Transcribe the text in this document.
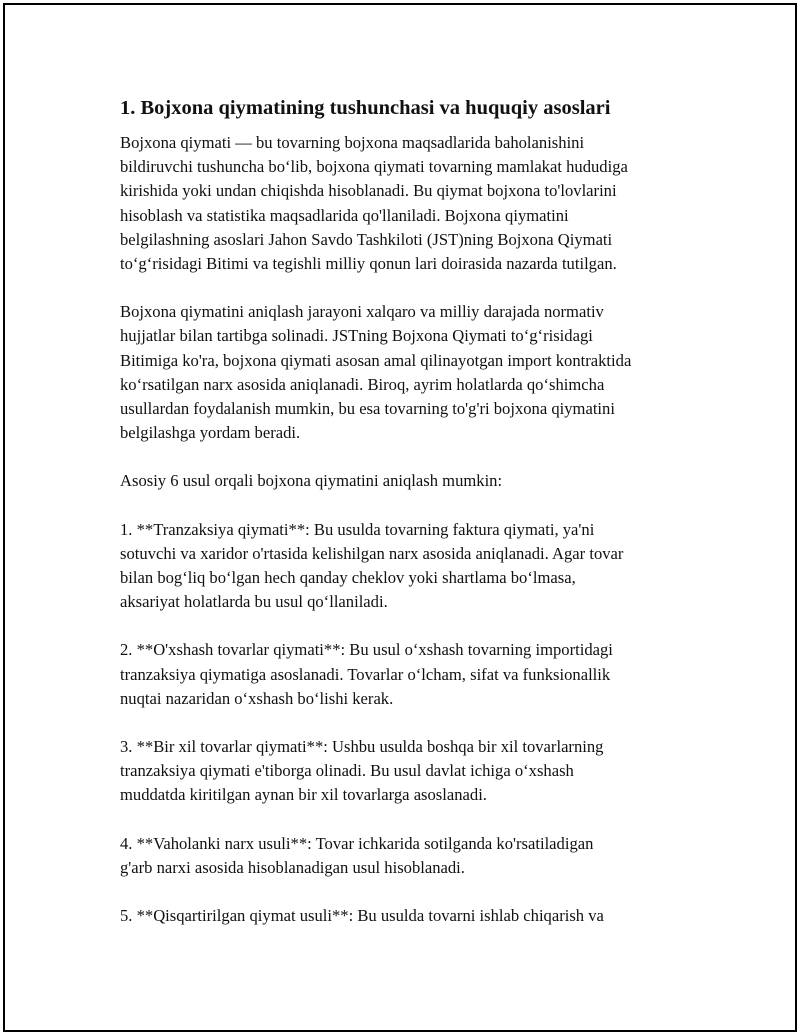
1. Bojxona qiymatining tushunchasi va huquqiy asoslari

Bojxona qiymati — bu tovarning bojxona maqsadlarida baholanishini
bildiruvchi tushuncha bo‘lib, bojxona qiymati tovarning mamlakat hududiga
kirishida yoki undan chiqishda hisoblanadi. Bu qiymat bojxona to'lovlarini
hisoblash va statistika maqsadlarida qo'llaniladi. Bojxona qiymatini
belgilashning asoslari Jahon Savdo Tashkiloti (JST)ning Bojxona Qiymati
to‘g‘risidagi Bitimi va tegishli milliy qonun lari doirasida nazarda tutilgan.

Bojxona qiymatini aniqlash jarayoni xalqaro va milliy darajada normativ
hujjatlar bilan tartibga solinadi. JSTning Bojxona Qiymati to‘g‘risidagi
Bitimiga ko'ra, bojxona qiymati asosan amal qilinayotgan import kontraktida
ko‘rsatilgan narx asosida aniqlanadi. Biroq, ayrim holatlarda qo‘shimcha
usullardan foydalanish mumkin, bu esa tovarning to'g'ri bojxona qiymatini
belgilashga yordam beradi.

Asosiy 6 usul orqali bojxona qiymatini aniqlash mumkin:

1. **Tranzaksiya qiymati**: Bu usulda tovarning faktura qiymati, ya'ni
sotuvchi va xaridor o'rtasida kelishilgan narx asosida aniqlanadi. Agar tovar
bilan bog‘liq bo‘lgan hech qanday cheklov yoki shartlama bo‘lmasa,
aksariyat holatlarda bu usul qo‘llaniladi.

2. **O'xshash tovarlar qiymati**: Bu usul o‘xshash tovarning importidagi
tranzaksiya qiymatiga asoslanadi. Tovarlar o‘lcham, sifat va funksionallik
nuqtai nazaridan o‘xshash bo‘lishi kerak.

3. **Bir xil tovarlar qiymati**: Ushbu usulda boshqa bir xil tovarlarning
tranzaksiya qiymati e'tiborga olinadi. Bu usul davlat ichiga o‘xshash
muddatda kiritilgan aynan bir xil tovarlarga asoslanadi.

4. **Vaholanki narx usuli**: Tovar ichkarida sotilganda ko'rsatiladigan
g'arb narxi asosida hisoblanadigan usul hisoblanadi.

5. **Qisqartirilgan qiymat usuli**: Bu usulda tovarni ishlab chiqarish va
